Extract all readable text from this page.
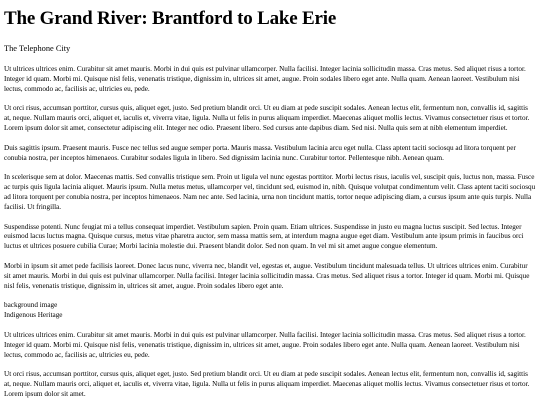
The Grand River: Brantford to Lake Erie
The Telephone City

Ut ultrices ultrices enim. Curabitur sit amet mauris. Morbi in dui quis est pulvinar ullamcorper. Nulla facilisi. Integer lacinia sollicitudin massa. Cras metus. Sed aliquet risus a tortor. Integer id quam. Morbi mi. Quisque nisl felis, venenatis tristique, dignissim in, ultrices sit amet, augue. Proin sodales libero eget ante. Nulla quam. Aenean laoreet. Vestibulum nisi lectus, commodo ac, facilisis ac, ultricies eu, pede.

Ut orci risus, accumsan porttitor, cursus quis, aliquet eget, justo. Sed pretium blandit orci. Ut eu diam at pede suscipit sodales. Aenean lectus elit, fermentum non, convallis id, sagittis at, neque. Nullam mauris orci, aliquet et, iaculis et, viverra vitae, ligula. Nulla ut felis in purus aliquam imperdiet. Maecenas aliquet mollis lectus. Vivamus consectetuer risus et tortor. Lorem ipsum dolor sit amet, consectetur adipiscing elit. Integer nec odio. Praesent libero. Sed cursus ante dapibus diam. Sed nisi. Nulla quis sem at nibh elementum imperdiet.

Duis sagittis ipsum. Praesent mauris. Fusce nec tellus sed augue semper porta. Mauris massa. Vestibulum lacinia arcu eget nulla. Class aptent taciti sociosqu ad litora torquent per conubia nostra, per inceptos himenaeos. Curabitur sodales ligula in libero. Sed dignissim lacinia nunc. Curabitur tortor. Pellentesque nibh. Aenean quam.

In scelerisque sem at dolor. Maecenas mattis. Sed convallis tristique sem. Proin ut ligula vel nunc egestas porttitor. Morbi lectus risus, iaculis vel, suscipit quis, luctus non, massa. Fusce ac turpis quis ligula lacinia aliquet. Mauris ipsum. Nulla metus metus, ullamcorper vel, tincidunt sed, euismod in, nibh. Quisque volutpat condimentum velit. Class aptent taciti sociosqu ad litora torquent per conubia nostra, per inceptos himenaeos. Nam nec ante. Sed lacinia, urna non tincidunt mattis, tortor neque adipiscing diam, a cursus ipsum ante quis turpis. Nulla facilisi. Ut fringilla.

Suspendisse potenti. Nunc feugiat mi a tellus consequat imperdiet. Vestibulum sapien. Proin quam. Etiam ultrices. Suspendisse in justo eu magna luctus suscipit. Sed lectus. Integer euismod lacus luctus magna. Quisque cursus, metus vitae pharetra auctor, sem massa mattis sem, at interdum magna augue eget diam. Vestibulum ante ipsum primis in faucibus orci luctus et ultrices posuere cubilia Curae; Morbi lacinia molestie dui. Praesent blandit dolor. Sed non quam. In vel mi sit amet augue congue elementum.

Morbi in ipsum sit amet pede facilisis laoreet. Donec lacus nunc, viverra nec, blandit vel, egestas et, augue. Vestibulum tincidunt malesuada tellus. Ut ultrices ultrices enim. Curabitur sit amet mauris. Morbi in dui quis est pulvinar ullamcorper. Nulla facilisi. Integer lacinia sollicitudin massa. Cras metus. Sed aliquet risus a tortor. Integer id quam. Morbi mi. Quisque nisl felis, venenatis tristique, dignissim in, ultrices sit amet, augue. Proin sodales libero eget ante.

background image
Indigenous Heritage

Ut ultrices ultrices enim. Curabitur sit amet mauris. Morbi in dui quis est pulvinar ullamcorper. Nulla facilisi. Integer lacinia sollicitudin massa. Cras metus. Sed aliquet risus a tortor. Integer id quam. Morbi mi. Quisque nisl felis, venenatis tristique, dignissim in, ultrices sit amet, augue. Proin sodales libero eget ante. Nulla quam. Aenean laoreet. Vestibulum nisi lectus, commodo ac, facilisis ac, ultricies eu, pede.

Ut orci risus, accumsan porttitor, cursus quis, aliquet eget, justo. Sed pretium blandit orci. Ut eu diam at pede suscipit sodales. Aenean lectus elit, fermentum non, convallis id, sagittis at, neque. Nullam mauris orci, aliquet et, iaculis et, viverra vitae, ligula. Nulla ut felis in purus aliquam imperdiet. Maecenas aliquet mollis lectus. Vivamus consectetuer risus et tortor. Lorem ipsum dolor sit amet.
